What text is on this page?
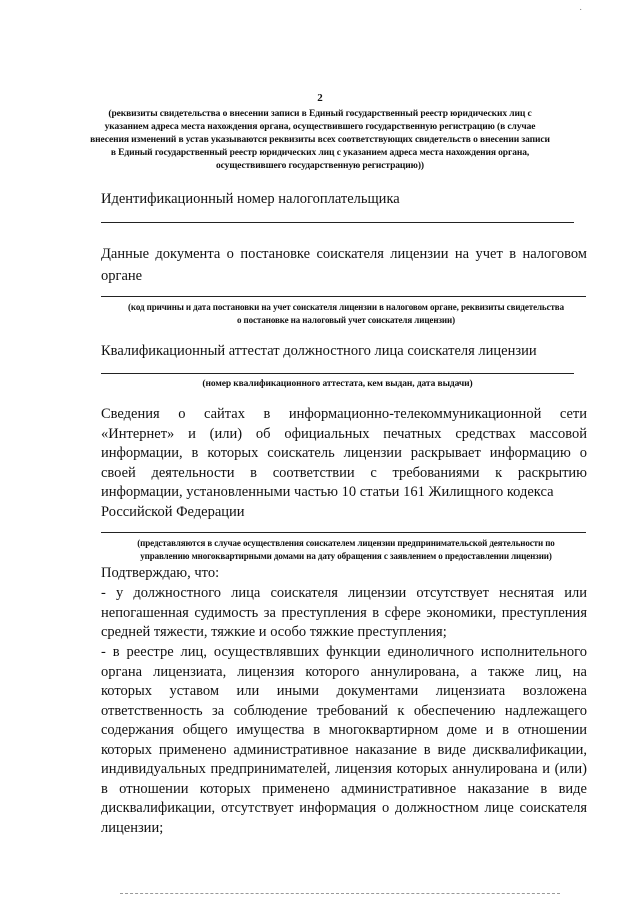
˙
2
(реквизиты свидетельства о внесении записи в Единый государственный реестр юридических лиц с
указанием адреса места нахождения органа, осуществившего государственную регистрацию (в случае
внесения изменений в устав указываются реквизиты всех соответствующих свидетельств о внесении записи
в Единый государственный реестр юридических лиц с указанием адреса места нахождения органа,
осуществившего государственную регистрацию))
Идентификационный номер налогоплательщика

Данные документа о постановке соискателя лицензии на учет в налоговом

органе

(код причины и дата постановки на учет соискателя лицензии в налоговом органе, реквизиты свидетельства
о постановке на налоговый учет соискателя лицензии)
Квалификационный аттестат должностного лица соискателя лицензии
(номер квалификационного аттестата, кем выдан, дата выдачи)

Сведения о сайтах в информационно-телекоммуникационной сети

«Интернет» и (или) об официальных печатных средствах массовой

информации, в которых соискатель лицензии раскрывает информацию о

своей деятельности в соответствии с требованиями к раскрытию

информации, установленными частью 10 статьи 161 Жилищного кодекса

Российской Федерации

(представляются в случае осуществления соискателем лицензии предпринимательской деятельности по
управлению многоквартирными домами на дату обращения с заявлением о предоставлении лицензии)
Подтверждаю, что:

- у должностного лица соискателя лицензии отсутствует неснятая или

непогашенная судимость за преступления в сфере экономики, преступления

средней тяжести, тяжкие и особо тяжкие преступления;

- в реестре лиц, осуществлявших функции единоличного исполнительного

органа лицензиата, лицензия которого аннулирована, а также лиц, на

которых уставом или иными документами лицензиата возложена

ответственность за соблюдение требований к обеспечению надлежащего

содержания общего имущества в многоквартирном доме и в отношении

которых применено административное наказание в виде дисквалификации,

индивидуальных предпринимателей, лицензия которых аннулирована и (или)

в отношении которых применено административное наказание в виде

дисквалификации, отсутствует информация о должностном лице соискателя

лицензии;
